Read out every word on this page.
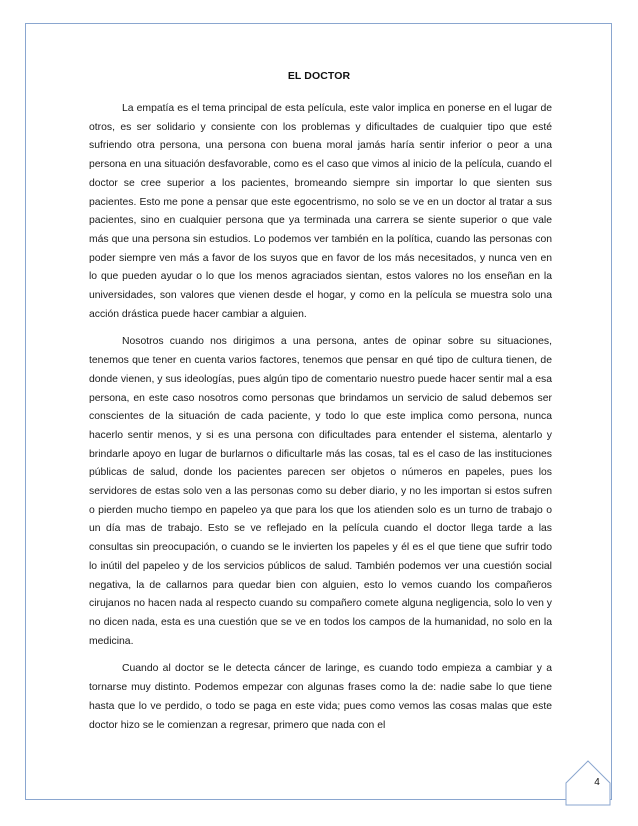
EL DOCTOR

La empatía es el tema principal de esta película, este valor implica en ponerse en el lugar de otros, es ser solidario y consiente con los problemas y dificultades de cualquier tipo que esté sufriendo otra persona, una persona con buena moral jamás haría sentir inferior o peor a una persona en una situación desfavorable, como es el caso que vimos al inicio de la película, cuando el doctor se cree superior a los pacientes, bromeando siempre sin importar lo que sienten sus pacientes. Esto me pone a pensar que este egocentrismo, no solo se ve en un doctor al tratar a sus pacientes, sino en cualquier persona que ya terminada una carrera se siente superior o que vale más que una persona sin estudios. Lo podemos ver también en la política, cuando las personas con poder siempre ven más a favor de los suyos que en favor de los más necesitados, y nunca ven en lo que pueden ayudar o lo que los menos agraciados sientan, estos valores no los enseñan en la universidades, son valores que vienen desde el hogar, y como en la película se muestra solo una acción drástica puede hacer cambiar a alguien.

Nosotros cuando nos dirigimos a una persona, antes de opinar sobre su situaciones, tenemos que tener en cuenta varios factores, tenemos que pensar en qué tipo de cultura tienen, de donde vienen, y sus ideologías, pues algún tipo de comentario nuestro puede hacer sentir mal a esa persona, en este caso nosotros como personas que brindamos un servicio de salud debemos ser conscientes de la situación de cada paciente, y todo lo que este implica como persona, nunca hacerlo sentir menos, y si es una persona con dificultades para entender el sistema, alentarlo y brindarle apoyo en lugar de burlarnos o dificultarle más las cosas, tal es el caso de las instituciones públicas de salud, donde los pacientes parecen ser objetos o números en papeles, pues los servidores de estas solo ven a las personas como su deber diario, y no les importan si estos sufren o pierden mucho tiempo en papeleo ya que para los que los atienden solo es un turno de trabajo o un día mas de trabajo. Esto se ve reflejado en la película cuando el doctor llega tarde a las consultas sin preocupación, o cuando se le invierten los papeles y él es el que tiene que sufrir todo lo inútil del papeleo y de los servicios públicos de salud. También podemos ver una cuestión social negativa, la de callarnos para quedar bien con alguien, esto lo vemos cuando los compañeros cirujanos no hacen nada al respecto cuando su compañero comete alguna negligencia, solo lo ven y no dicen nada, esta es una cuestión que se ve en todos los campos de la humanidad, no solo en la medicina.

Cuando al doctor se le detecta cáncer de laringe, es cuando todo empieza a cambiar y a tornarse muy distinto. Podemos empezar con algunas frases como la de: nadie sabe lo que tiene hasta que lo ve perdido, o todo se paga en este vida; pues como vemos las cosas malas que este doctor hizo se le comienzan a regresar, primero que nada con el

4
